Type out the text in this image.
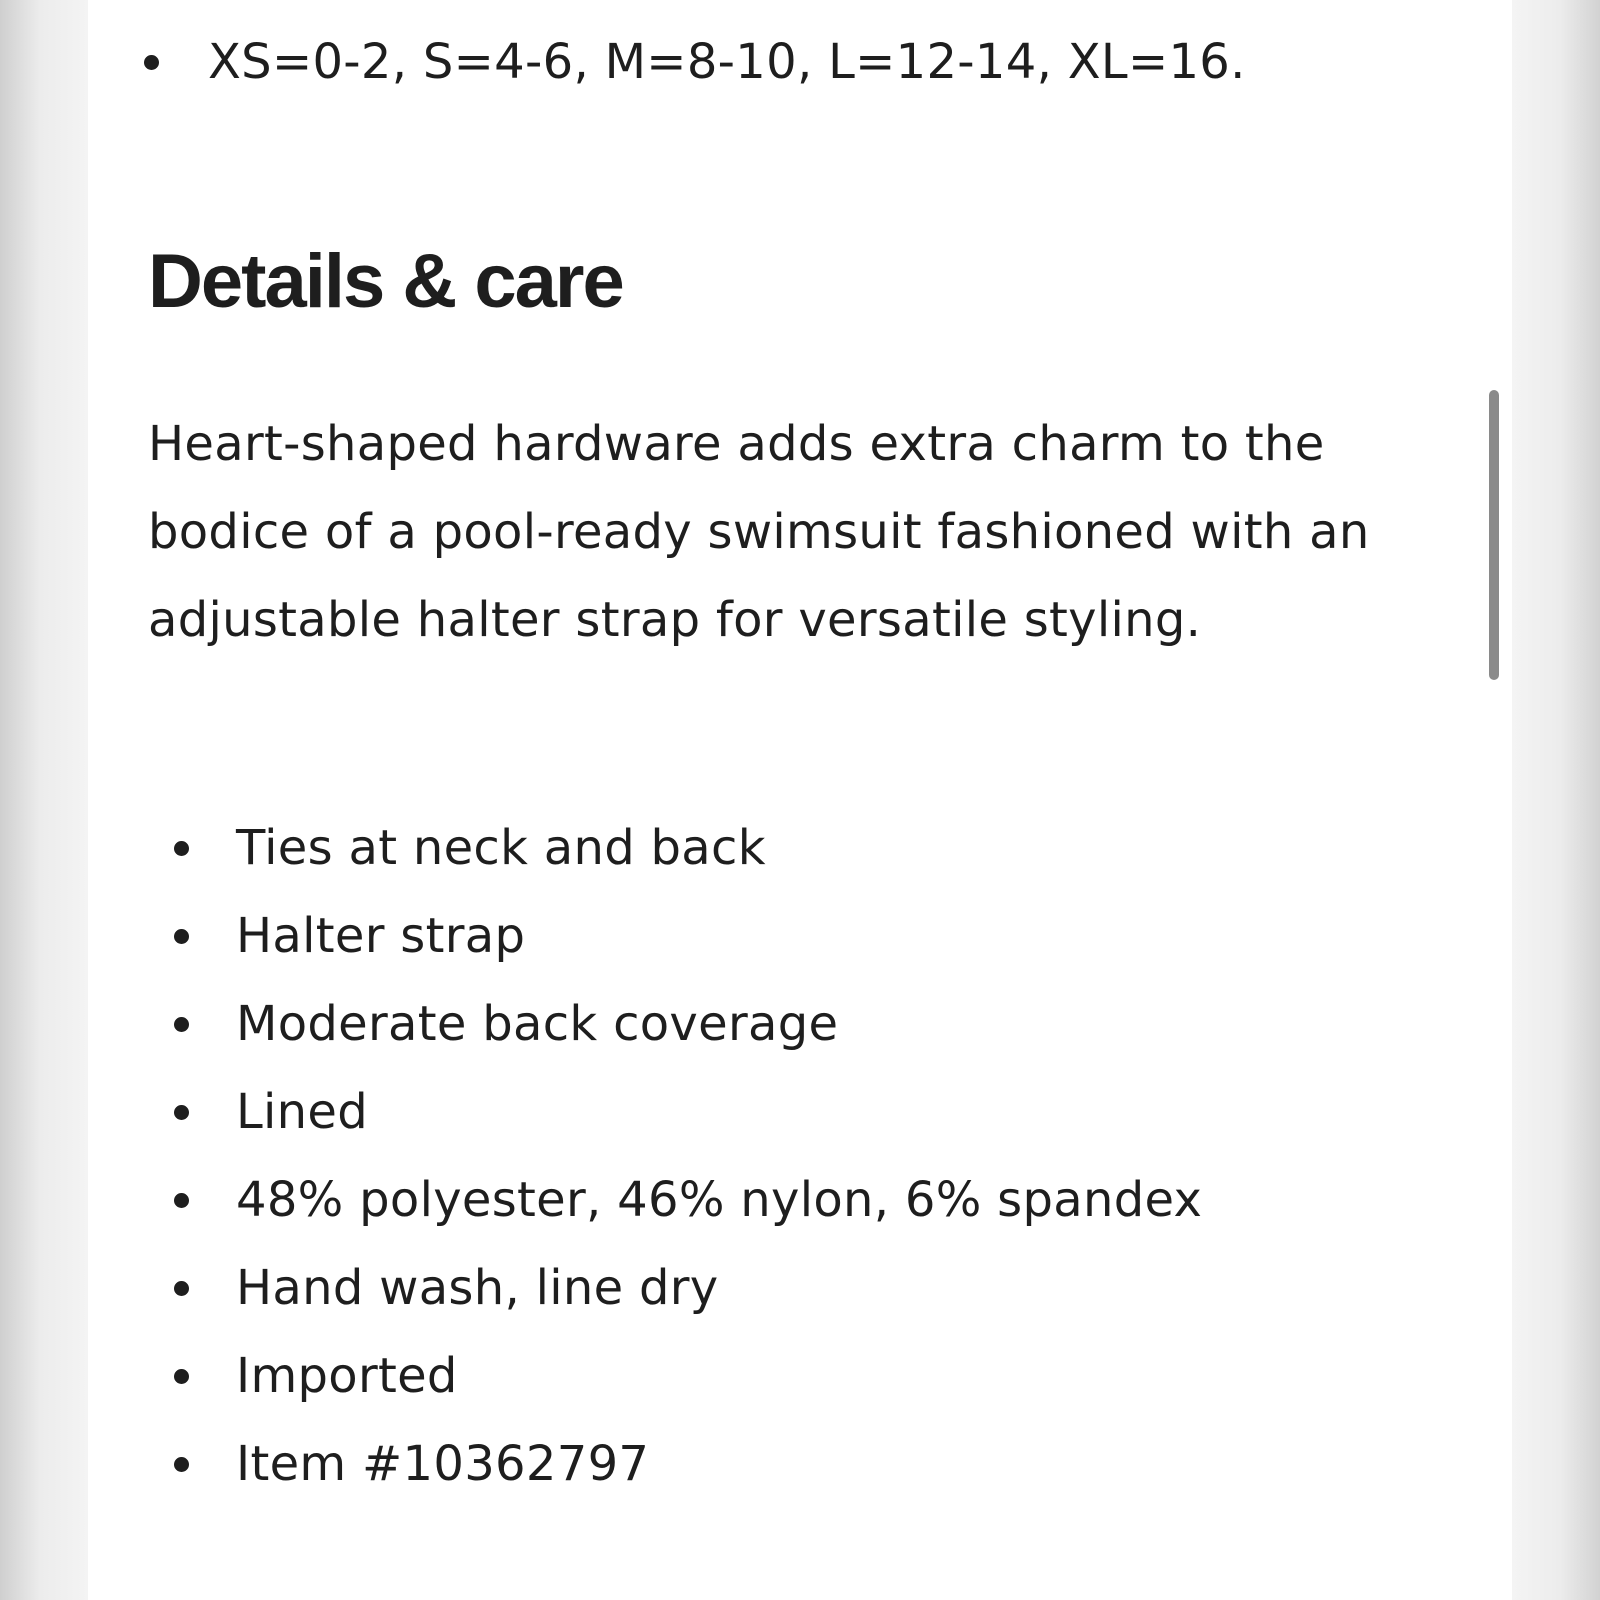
XS=0-2, S=4-6, M=8-10, L=12-14, XL=16.
Details & care

Heart-shaped hardware adds extra charm to the bodice of a pool-ready swimsuit fashioned with an adjustable halter strap for versatile styling.

Ties at neck and back
Halter strap
Moderate back coverage
Lined
48% polyester, 46% nylon, 6% spandex
Hand wash, line dry
Imported
Item #10362797
